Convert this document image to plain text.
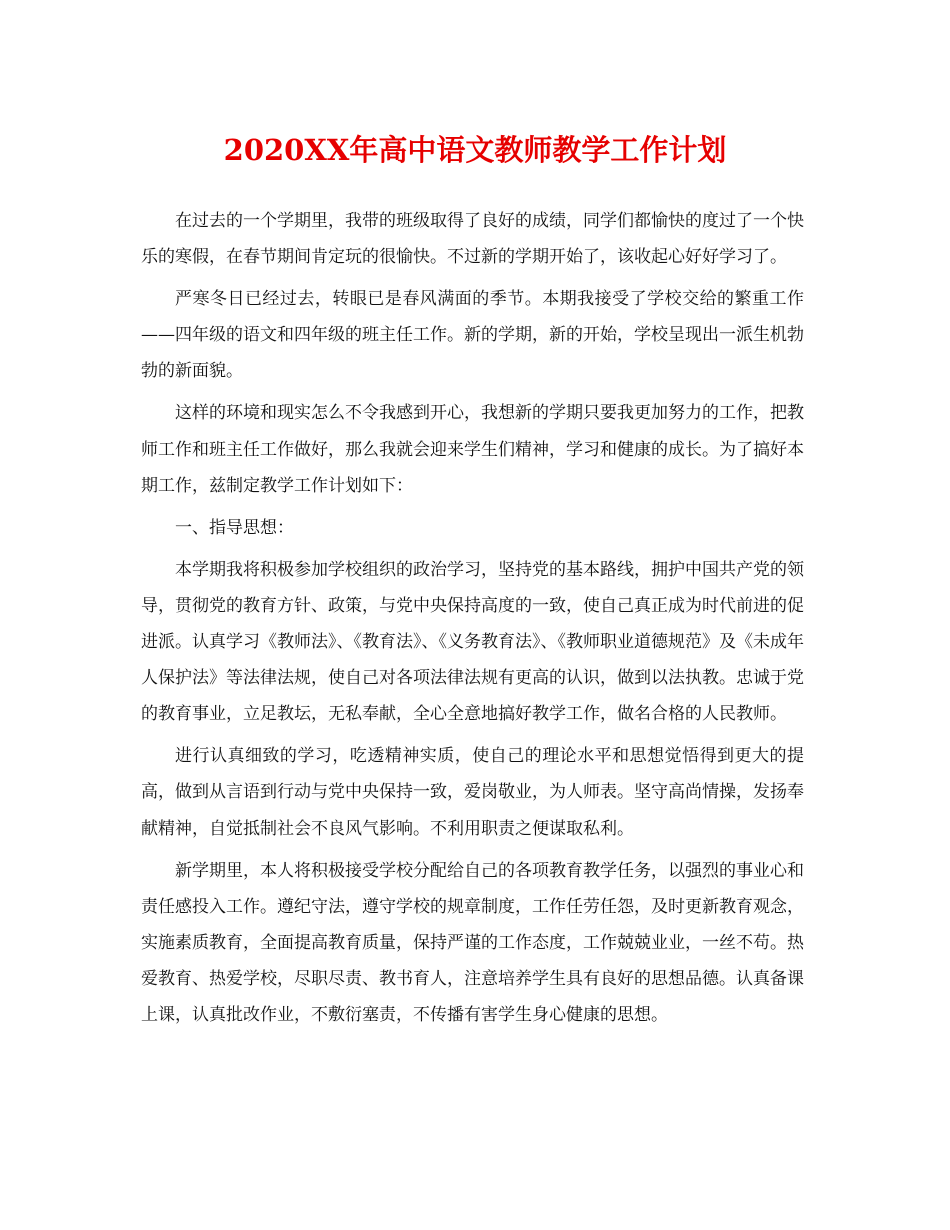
2020XX年高中语文教师教学工作计划

在过去的一个学期里，我带的班级取得了良好的成绩，同学们都愉快的度过了一个快乐的寒假，在春节期间肯定玩的很愉快。不过新的学期开始了，该收起心好好学习了。

严寒冬日已经过去，转眼已是春风满面的季节。本期我接受了学校交给的繁重工作——四年级的语文和四年级的班主任工作。新的学期，新的开始，学校呈现出一派生机勃勃的新面貌。

这样的环境和现实怎么不令我感到开心，我想新的学期只要我更加努力的工作，把教师工作和班主任工作做好，那么我就会迎来学生们精神，学习和健康的成长。为了搞好本期工作，兹制定教学工作计划如下：

一、指导思想：

本学期我将积极参加学校组织的政治学习，坚持党的基本路线，拥护中国共产党的领导，贯彻党的教育方针、政策，与党中央保持高度的一致，使自己真正成为时代前进的促进派。认真学习《教师法》、《教育法》、《义务教育法》、《教师职业道德规范》及《未成年人保护法》等法律法规，使自己对各项法律法规有更高的认识，做到以法执教。忠诚于党的教育事业，立足教坛，无私奉献，全心全意地搞好教学工作，做名合格的人民教师。

进行认真细致的学习，吃透精神实质，使自己的理论水平和思想觉悟得到更大的提高，做到从言语到行动与党中央保持一致，爱岗敬业，为人师表。坚守高尚情操，发扬奉献精神，自觉抵制社会不良风气影响。不利用职责之便谋取私利。

新学期里，本人将积极接受学校分配给自己的各项教育教学任务，以强烈的事业心和责任感投入工作。遵纪守法，遵守学校的规章制度，工作任劳任怨，及时更新教育观念，实施素质教育，全面提高教育质量，保持严谨的工作态度，工作兢兢业业，一丝不苟。热爱教育、热爱学校，尽职尽责、教书育人，注意培养学生具有良好的思想品德。认真备课上课，认真批改作业，不敷衍塞责，不传播有害学生身心健康的思想。
